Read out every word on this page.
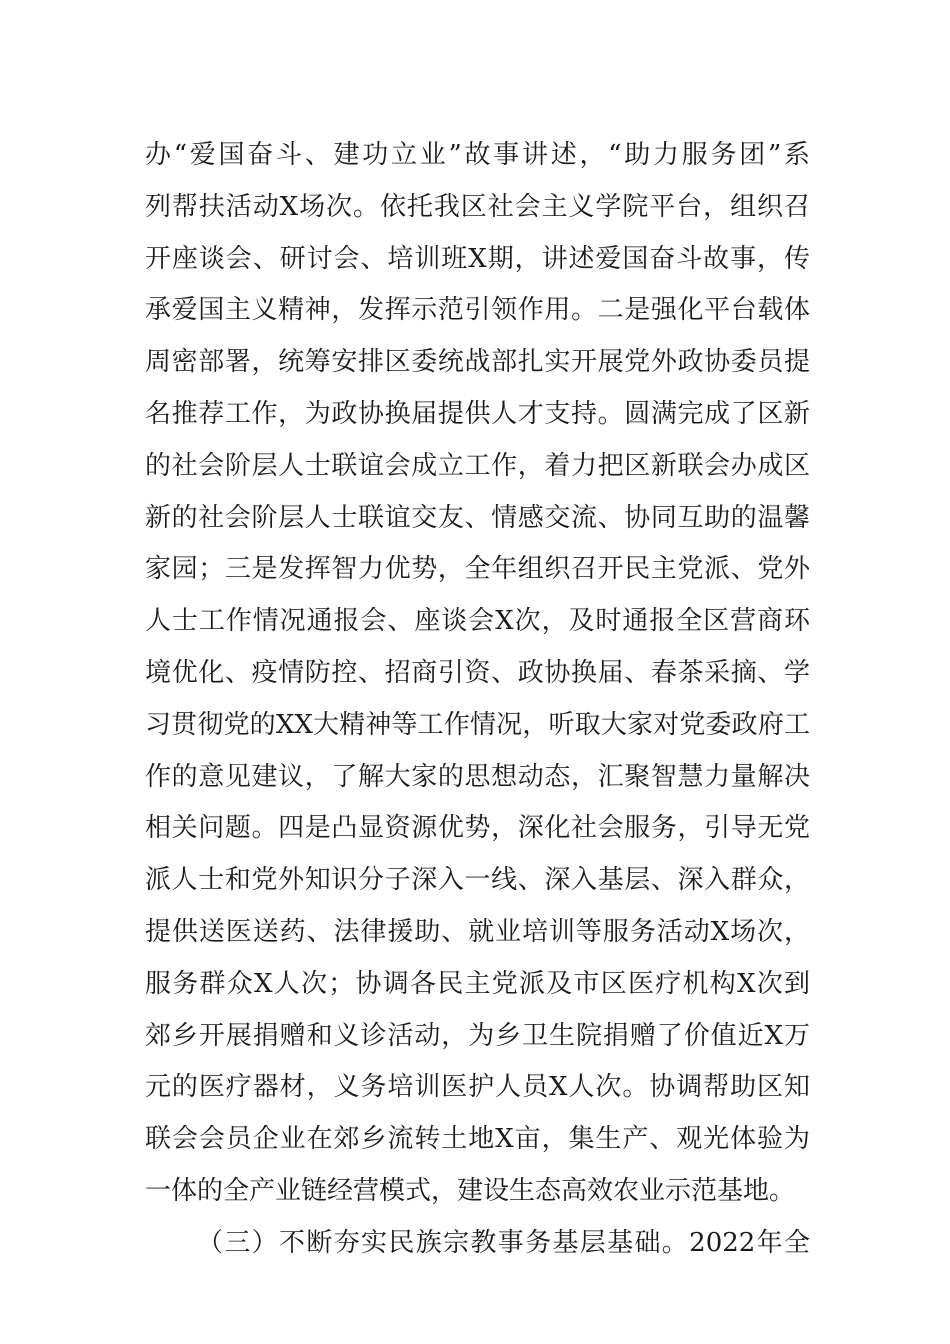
办“爱国奋斗、建功立业”故事讲述，“助力服务团”系
列帮扶活动X场次。依托我区社会主义学院平台，组织召
开座谈会、研讨会、培训班X期，讲述爱国奋斗故事，传
承爱国主义精神，发挥示范引领作用。二是强化平台载体
周密部署，统筹安排区委统战部扎实开展党外政协委员提
名推荐工作，为政协换届提供人才支持。圆满完成了区新
的社会阶层人士联谊会成立工作，着力把区新联会办成区
新的社会阶层人士联谊交友、情感交流、协同互助的温馨
家园；三是发挥智力优势，全年组织召开民主党派、党外
人士工作情况通报会、座谈会X次，及时通报全区营商环
境优化、疫情防控、招商引资、政协换届、春茶采摘、学
习贯彻党的XX大精神等工作情况，听取大家对党委政府工
作的意见建议，了解大家的思想动态，汇聚智慧力量解决
相关问题。四是凸显资源优势，深化社会服务，引导无党
派人士和党外知识分子深入一线、深入基层、深入群众，
提供送医送药、法律援助、就业培训等服务活动X场次，
服务群众X人次；协调各民主党派及市区医疗机构X次到
郊乡开展捐赠和义诊活动，为乡卫生院捐赠了价值近X万
元的医疗器材，义务培训医护人员X人次。协调帮助区知
联会会员企业在郊乡流转土地X亩，集生产、观光体验为
一体的全产业链经营模式，建设生态高效农业示范基地。
（三）不断夯实民族宗教事务基层基础。2022年全
